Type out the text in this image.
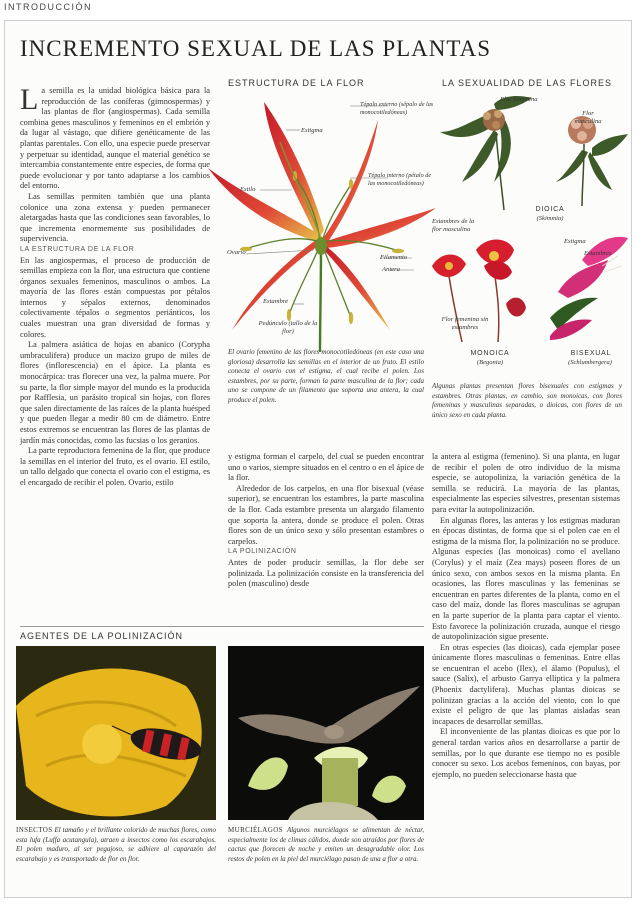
INTRODUCCIÓN
INCREMENTO SEXUAL DE LAS PLANTAS

La semilla es la unidad biológica básica para la reproducción de las coníferas (gimnospermas) y las plantas de flor (angiospermas). Cada semilla combina genes masculinos y femeninos en el embrión y da lugar al vástago, que difiere genéticamente de las plantas parentales. Con ello, una especie puede preservar y perpetuar su identidad, aunque el material genético se intercambia constantemente entre especies, de forma que puede evolucionar y por tanto adaptarse a los cambios del entorno.

Las semillas permiten también que una planta colonice una zona extensa y pueden permanecer aletargadas hasta que las condiciones sean favorables, lo que incrementa enormemente sus posibilidades de supervivencia.

LA ESTRUCTURA DE LA FLOR

En las angiospermas, el proceso de producción de semillas empieza con la flor, una estructura que contiene órganos sexuales femeninos, masculinos o ambos. La mayoría de las flores están compuestas por pétalos internos y sépalos externos, denominados colectivamente tépalos o segmentos periánticos, los cuales muestran una gran diversidad de formas y colores.

La palmera asiática de hojas en abanico (Corypha umbraculifera) produce un macizo grupo de miles de flores (inflorescencia) en el ápice. La planta es monocárpica: tras florecer una vez, la palma muere. Por su parte, la flor simple mayor del mundo es la producida por Rafflesia, un parásito tropical sin hojas, con flores que salen directamente de las raíces de la planta huésped y que pueden llegar a medir 80 cm de diámetro. Entre estos extremos se encuentran las flores de las plantas de jardín más conocidas, como las fucsias o los geranios.

La parte reproductora femenina de la flor, que produce la semillas en el interior del fruto, es el ovario. El estilo, un tallo delgado que conecta el ovario con el estigma, es el encargado de recibir el polen. Ovario, estilo

y estigma forman el carpelo, del cual se pueden encontrar uno o varios, siempre situados en el centro o en el ápice de la flor.

Alrededor de los carpelos, en una flor bisexual (véase superior), se encuentran los estambres, la parte masculina de la flor. Cada estambre presenta un alargado filamento que soporta la antera, donde se produce el polen. Otras flores son de un único sexo y sólo presentan estambres o carpelos.

LA POLINIZACIÓN

Antes de poder producir semillas, la flor debe ser polinizada. La polinización consiste en la transferencia del polen (masculino) desde

la antera al estigma (femenino). Si una planta, en lugar de recibir el polen de otro individuo de la misma especie, se autopoliniza, la variación genética de la semilla se reducirá. La mayoría de las plantas, especialmente las especies silvestres, presentan sistemas para evitar la autopolinización.

En algunas flores, las anteras y los estigmas maduran en épocas distintas, de forma que si el polen cae en el estigma de la misma flor, la polinización no se produce. Algunas especies (las monoicas) como el avellano (Corylus) y el maíz (Zea mays) poseen flores de un único sexo, con ambos sexos en la misma planta. En ocasiones, las flores masculinas y las femeninas se encuentran en partes diferentes de la planta, como en el caso del maíz, donde las flores masculinas se agrupan en la parte superior de la planta para captar el viento. Esto favorece la polinización cruzada, aunque el riesgo de autopolinización sigue presente.

En otras especies (las dioicas), cada ejemplar posee únicamente flores masculinas o femeninas. Entre ellas se encuentran el acebo (Ilex), el álamo (Populus), el sauce (Salix), el arbusto Garrya elliptica y la palmera (Phoenix dactylifera). Muchas plantas dioicas se polinizan gracias a la acción del viento, con lo que existe el peligro de que las plantas aisladas sean incapaces de desarrollar semillas.

El inconveniente de las plantas dioicas es que por lo general tardan varios años en desarrollarse a partir de semillas, por lo que durante ese tiempo no es posible conocer su sexo. Los acebos femeninos, con bayas, por ejemplo, no pueden seleccionarse hasta que

ESTRUCTURA DE LA FLOR
Estigma
Estilo
Ovario
Estambre
Pedúnculo (tallo de la flor)
Tépalo externo (sépalo de las monocotiledóneas)
Tépalo interno (pétalo de las monocotiledóneas)
Filamento
Antera
El ovario femenino de las flores monocotiledóneas (en este caso una gloriosa) desarrolla las semillas en el interior de un fruto. El estilo conecta el ovario con el estigma, el cual recibe el polen. Los estambres, por su parte, forman la parte masculina de la flor; cada uno se compone de un filamento que soporta una antera, la cual produce el polen.
LA SEXUALIDAD DE LAS FLORES
Flor femenina
Flor masculina
Estambres de la flor masculina
Flor femenina sin estambres
Estigma
Estambres
DIOICA
(Skimmia)
MONOICA
(Begonia)
BISEXUAL
(Schlumbergera)
Algunas plantas presentan flores bisexuales con estigmas y estambres. Otras plantas, en cambio, son monoicas, con flores femeninas y masculinas separadas, o dioicas, con flores de un único sexo en cada planta.
AGENTES DE LA POLINIZACIÓN
INSECTOS El tamaño y el brillante colorido de muchas flores, como esta lufa (Luffa acutangula), atraen a insectos como los escarabajos. El polen maduro, al ser pegajoso, se adhiere al caparazón del escarabajo y es transportado de flor en flor.
MURCIÉLAGOS Algunos murciélagos se alimentan de néctar, especialmente los de climas cálidos, donde son atraídos por flores de cactus que florecen de noche y emiten un desagradable olor. Los restos de polen en la piel del murciélago pasan de una a flor a otra.
